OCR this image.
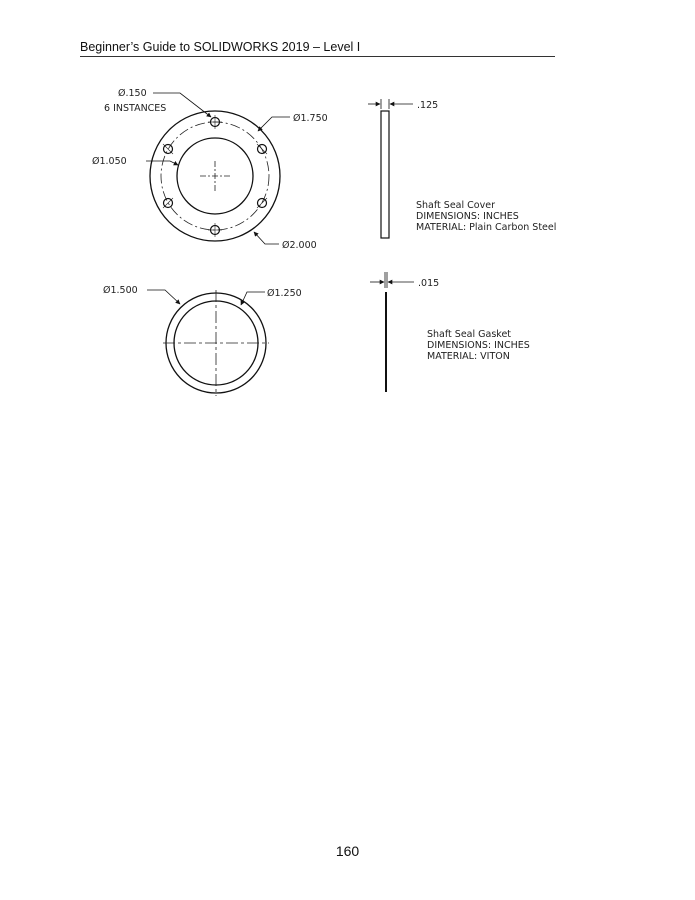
Beginner’s Guide to SOLIDWORKS 2019 – Level I
Ø.150
6 INSTANCES
Ø1.750
Ø1.050
Ø2.000
.125
Shaft Seal Cover
DIMENSIONS: INCHES
MATERIAL: Plain Carbon Steel
Ø1.500	Ø1.250
.015
Shaft Seal Gasket
DIMENSIONS: INCHES
MATERIAL: VITON
160
